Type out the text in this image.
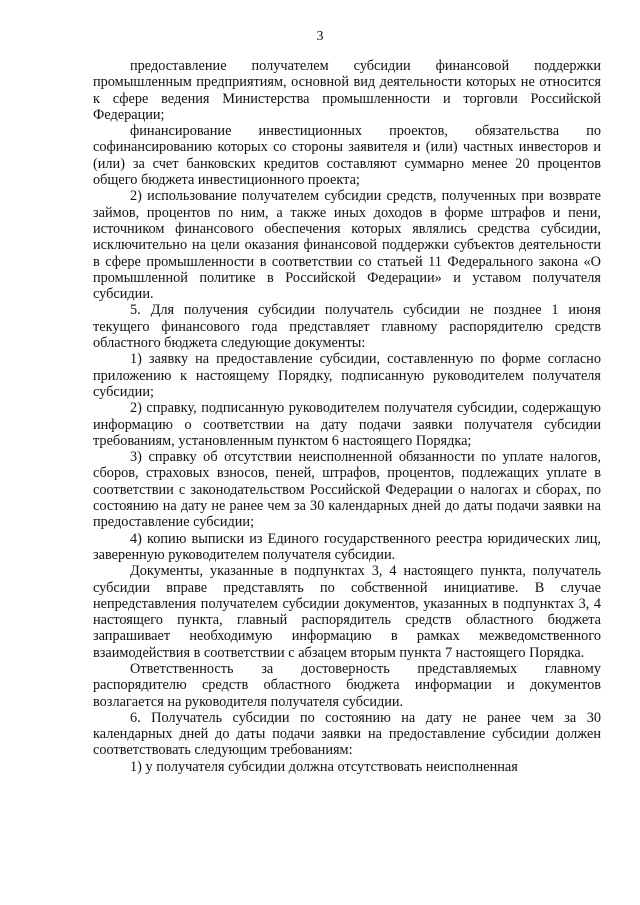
3

предоставление получателем субсидии финансовой поддержки промышленным предприятиям, основной вид деятельности которых не относится к сфере ведения Министерства промышленности и торговли Российской Федерации;

финансирование инвестиционных проектов, обязательства по софинансированию которых со стороны заявителя и (или) частных инвесторов и (или) за счет банковских кредитов составляют суммарно менее 20 процентов общего бюджета инвестиционного проекта;

2) использование получателем субсидии средств, полученных при возврате займов, процентов по ним, а также иных доходов в форме штрафов и пени, источником финансового обеспечения которых являлись средства субсидии, исключительно на цели оказания финансовой поддержки субъектов деятельности в сфере промышленности в соответствии со статьей 11 Федерального закона «О промышленной политике в Российской Федерации» и уставом получателя субсидии.

5. Для получения субсидии получатель субсидии не позднее 1 июня текущего финансового года представляет главному распорядителю средств областного бюджета следующие документы:

1) заявку на предоставление субсидии, составленную по форме согласно приложению к настоящему Порядку, подписанную руководителем получателя субсидии;

2) справку, подписанную руководителем получателя субсидии, содержащую информацию о соответствии на дату подачи заявки получателя субсидии требованиям, установленным пунктом 6 настоящего Порядка;

3) справку об отсутствии неисполненной обязанности по уплате налогов, сборов, страховых взносов, пеней, штрафов, процентов, подлежащих уплате в соответствии с законодательством Российской Федерации о налогах и сборах, по состоянию на дату не ранее чем за 30 календарных дней до даты подачи заявки на предоставление субсидии;

4) копию выписки из Единого государственного реестра юридических лиц, заверенную руководителем получателя субсидии.

Документы, указанные в подпунктах 3, 4 настоящего пункта, получатель субсидии вправе представлять по собственной инициативе. В случае непредставления получателем субсидии документов, указанных в подпунктах 3, 4 настоящего пункта, главный распорядитель средств областного бюджета запрашивает необходимую информацию в рамках межведомственного взаимодействия в соответствии с абзацем вторым пункта 7 настоящего Порядка.

Ответственность за достоверность представляемых главному распорядителю средств областного бюджета информации и документов возлагается на руководителя получателя субсидии.

6. Получатель субсидии по состоянию на дату не ранее чем за 30 календарных дней до даты подачи заявки на предоставление субсидии должен соответствовать следующим требованиям:

1) у получателя субсидии должна отсутствовать неисполненная
